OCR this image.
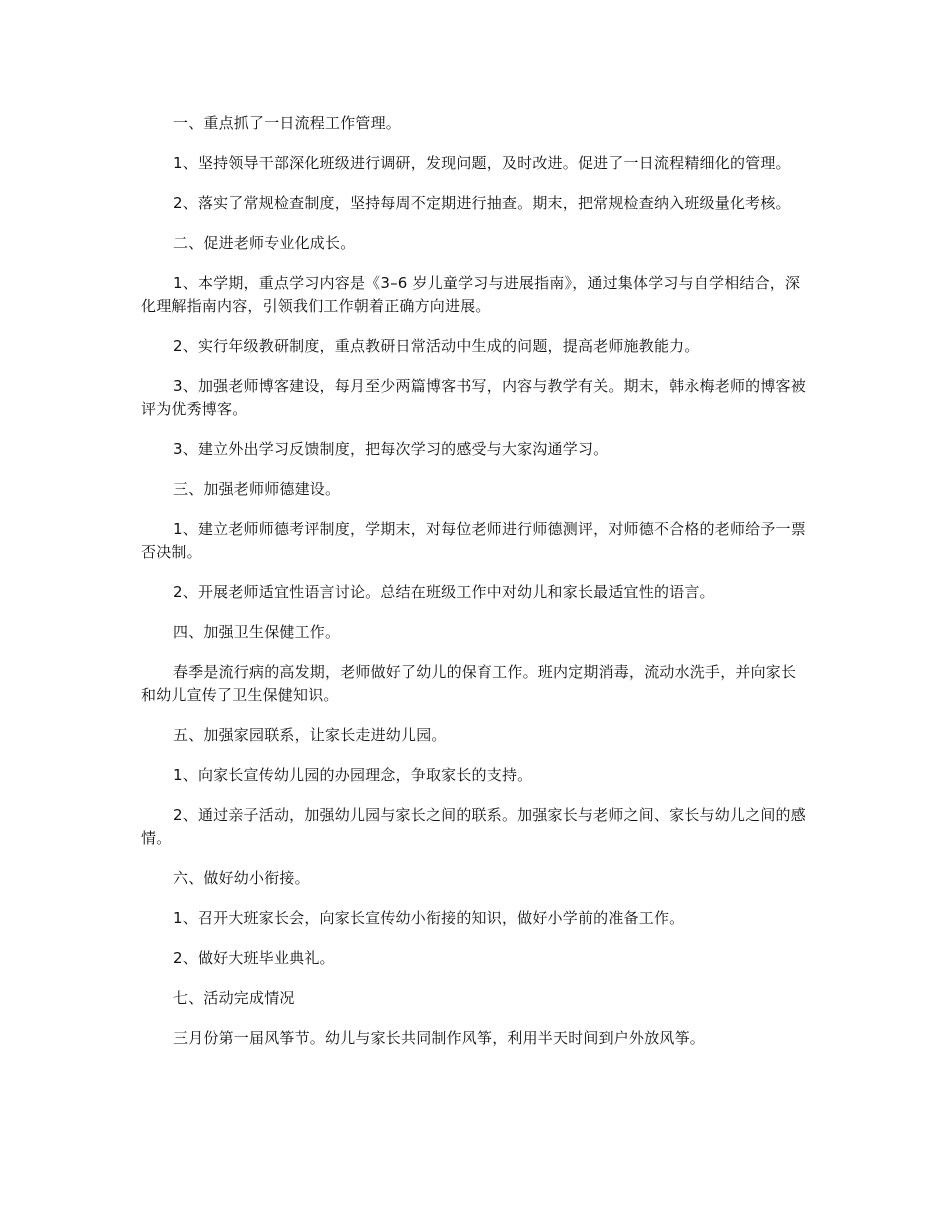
一、重点抓了一日流程工作管理。

1、坚持领导干部深化班级进行调研，发现问题，及时改进。促进了一日流程精细化的管理。

2、落实了常规检查制度，坚持每周不定期进行抽查。期末，把常规检查纳入班级量化考核。

二、促进老师专业化成长。

1、本学期，重点学习内容是《3–6 岁儿童学习与进展指南》，通过集体学习与自学相结合，深化理解指南内容，引领我们工作朝着正确方向进展。

2、实行年级教研制度，重点教研日常活动中生成的问题，提高老师施教能力。

3、加强老师博客建设，每月至少两篇博客书写，内容与教学有关。期末，韩永梅老师的博客被评为优秀博客。

3、建立外出学习反馈制度，把每次学习的感受与大家沟通学习。

三、加强老师师德建设。

1、建立老师师德考评制度，学期末，对每位老师进行师德测评，对师德不合格的老师给予一票否决制。

2、开展老师适宜性语言讨论。总结在班级工作中对幼儿和家长最适宜性的语言。

四、加强卫生保健工作。

春季是流行病的高发期，老师做好了幼儿的保育工作。班内定期消毒，流动水洗手，并向家长和幼儿宣传了卫生保健知识。

五、加强家园联系，让家长走进幼儿园。

1、向家长宣传幼儿园的办园理念，争取家长的支持。

2、通过亲子活动，加强幼儿园与家长之间的联系。加强家长与老师之间、家长与幼儿之间的感情。

六、做好幼小衔接。

1、召开大班家长会，向家长宣传幼小衔接的知识，做好小学前的准备工作。

2、做好大班毕业典礼。

七、活动完成情况

三月份第一届风筝节。幼儿与家长共同制作风筝，利用半天时间到户外放风筝。
